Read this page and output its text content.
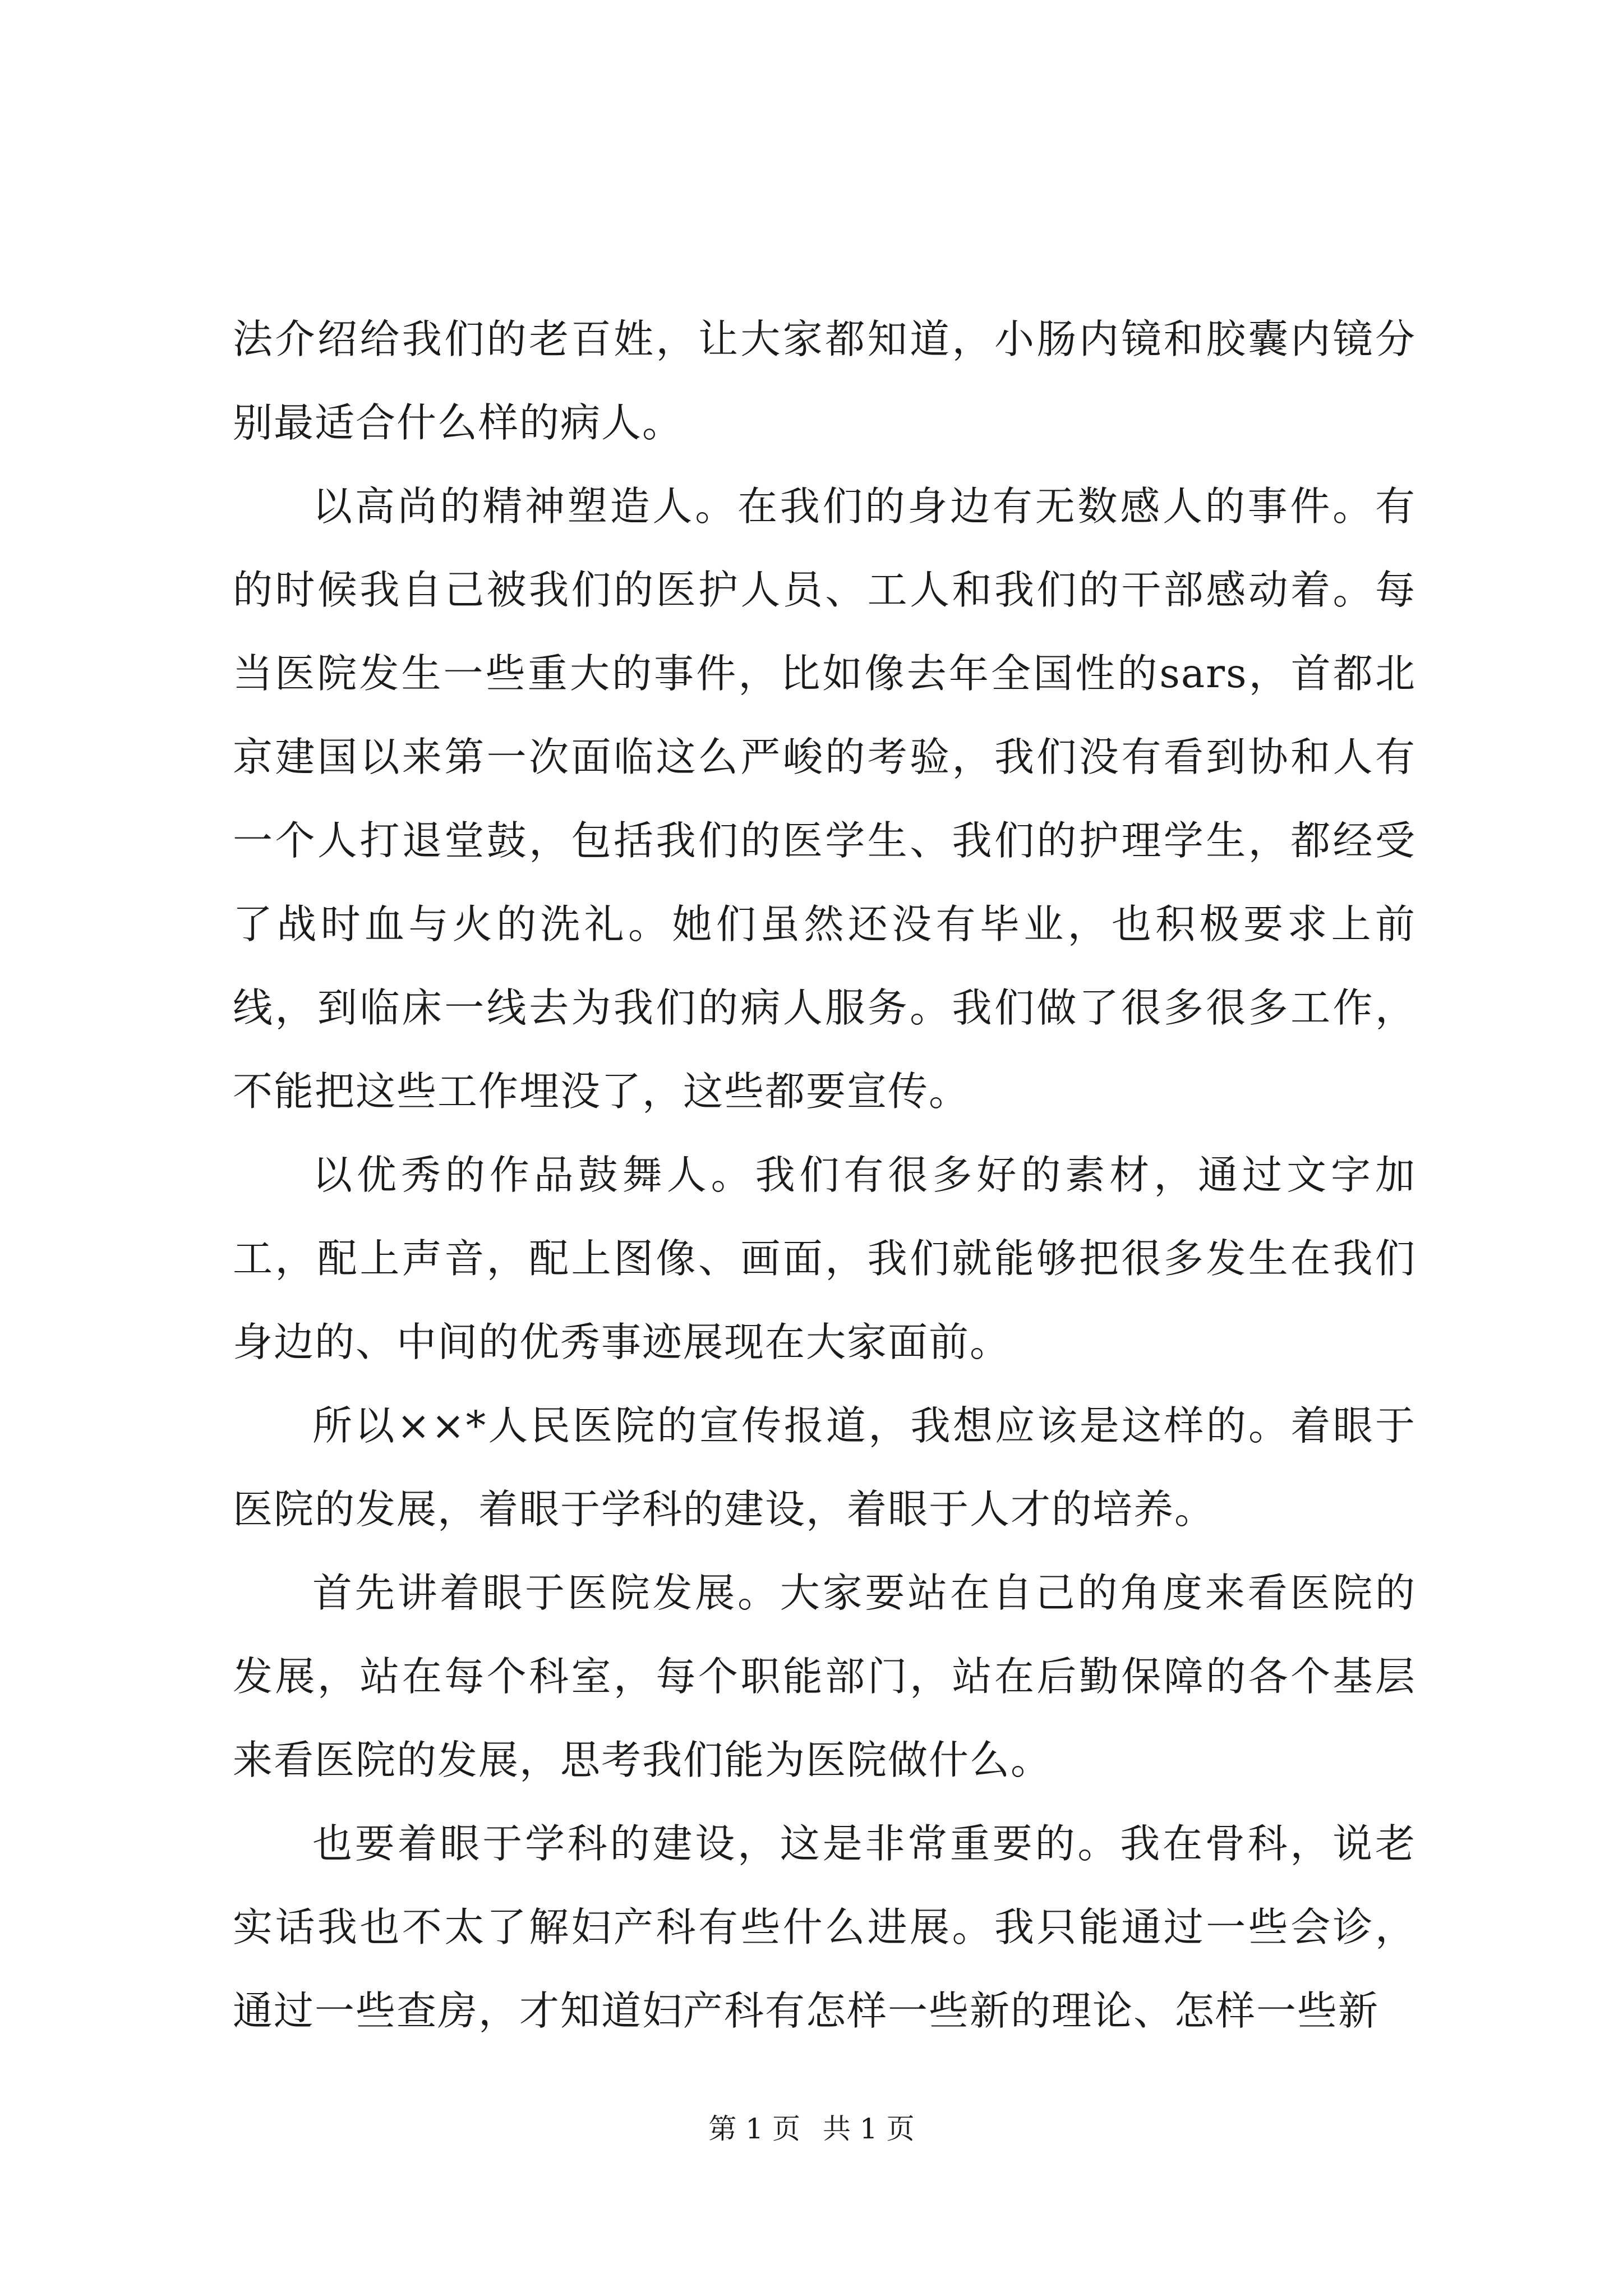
法介绍给我们的老百姓，让大家都知道，小肠内镜和胶囊内镜分别最适合什么样的病人。

以高尚的精神塑造人。在我们的身边有无数感人的事件。有的时候我自己被我们的医护人员、工人和我们的干部感动着。每当医院发生一些重大的事件，比如像去年全国性的sars，首都北京建国以来第一次面临这么严峻的考验，我们没有看到协和人有一个人打退堂鼓，包括我们的医学生、我们的护理学生，都经受了战时血与火的洗礼。她们虽然还没有毕业，也积极要求上前线，到临床一线去为我们的病人服务。我们做了很多很多工作，不能把这些工作埋没了，这些都要宣传。

以优秀的作品鼓舞人。我们有很多好的素材，通过文字加工，配上声音，配上图像、画面，我们就能够把很多发生在我们身边的、中间的优秀事迹展现在大家面前。

所以××*人民医院的宣传报道，我想应该是这样的。着眼于医院的发展，着眼于学科的建设，着眼于人才的培养。

首先讲着眼于医院发展。大家要站在自己的角度来看医院的发展，站在每个科室，每个职能部门，站在后勤保障的各个基层来看医院的发展，思考我们能为医院做什么。

也要着眼于学科的建设，这是非常重要的。我在骨科，说老实话我也不太了解妇产科有些什么进展。我只能通过一些会诊，通过一些查房，才知道妇产科有怎样一些新的理论、怎样一些新

第 1 页 共 1 页
